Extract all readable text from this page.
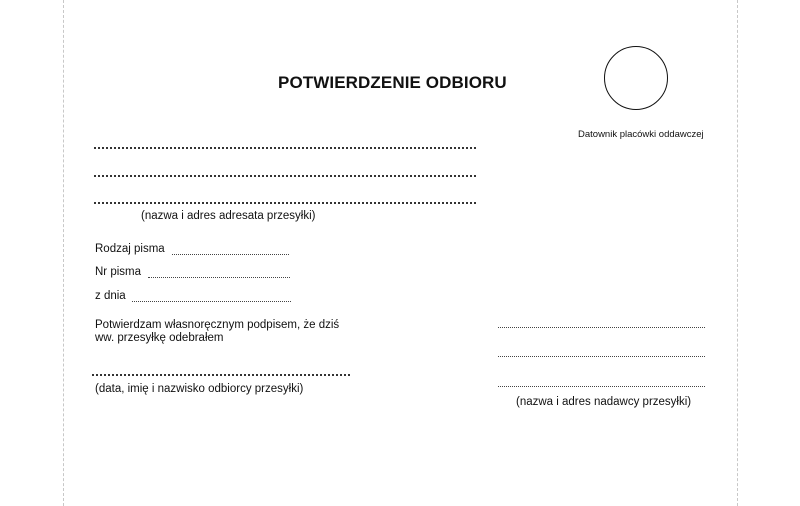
POTWIERDZENIE ODBIORU
Datownik placówki oddawczej
(nazwa i adres adresata przesyłki)
Rodzaj pisma
Nr pisma
z dnia
Potwierdzam własnoręcznym podpisem, że dziś
ww. przesyłkę odebrałem
(data, imię i nazwisko odbiorcy przesyłki)
(nazwa i adres nadawcy przesyłki)
